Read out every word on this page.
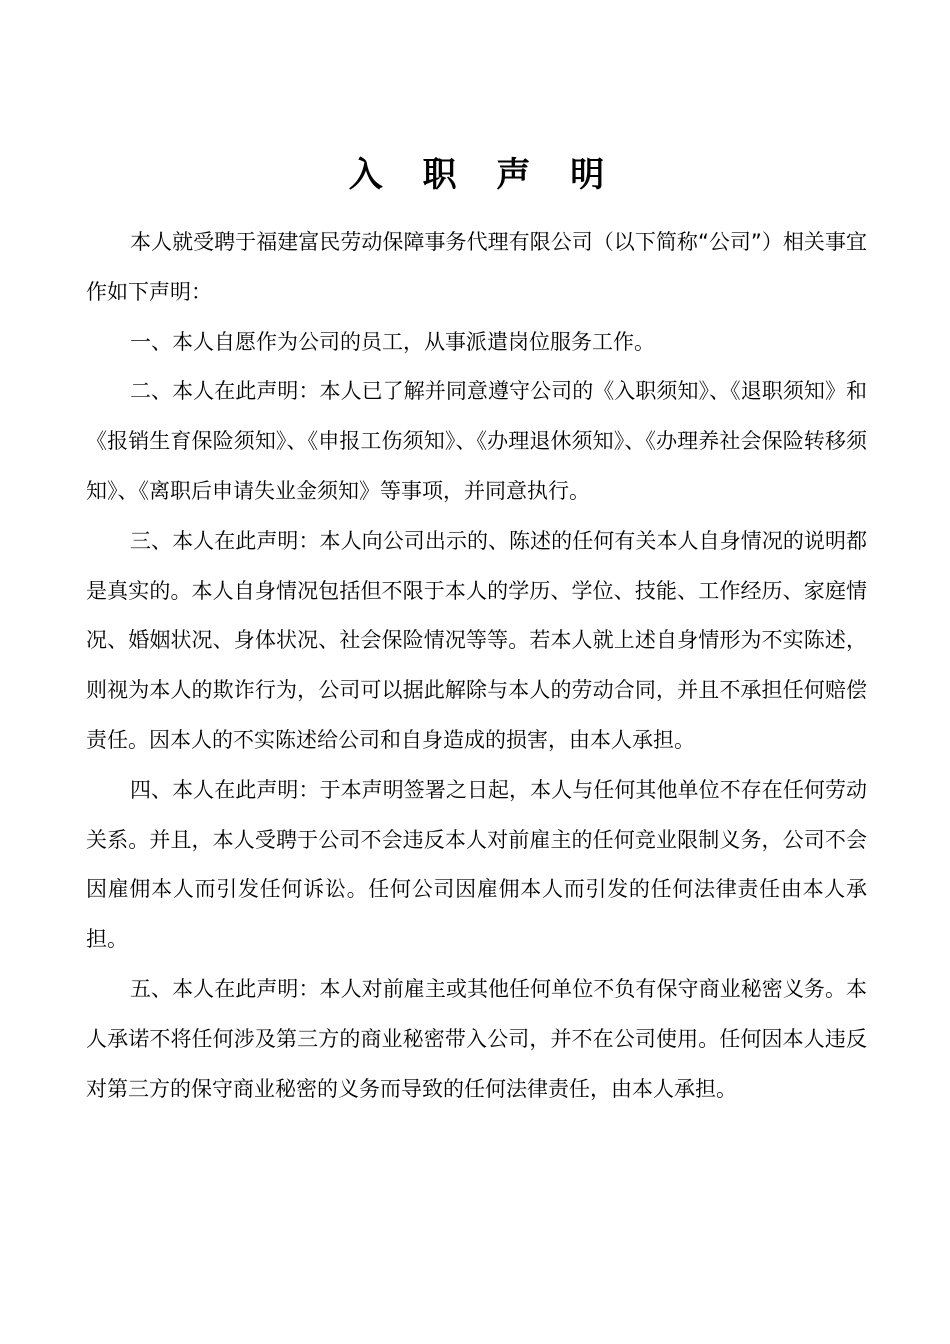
入 职 声 明

本人就受聘于福建富民劳动保障事务代理有限公司（以下简称“公司”）相关事宜作如下声明：

一、本人自愿作为公司的员工，从事派遣岗位服务工作。

二、本人在此声明：本人已了解并同意遵守公司的《入职须知》、《退职须知》和《报销生育保险须知》、《申报工伤须知》、《办理退休须知》、《办理养社会保险转移须知》、《离职后申请失业金须知》等事项，并同意执行。

三、本人在此声明：本人向公司出示的、陈述的任何有关本人自身情况的说明都是真实的。本人自身情况包括但不限于本人的学历、学位、技能、工作经历、家庭情况、婚姻状况、身体状况、社会保险情况等等。若本人就上述自身情形为不实陈述，则视为本人的欺诈行为，公司可以据此解除与本人的劳动合同，并且不承担任何赔偿责任。因本人的不实陈述给公司和自身造成的损害，由本人承担。

四、本人在此声明：于本声明签署之日起，本人与任何其他单位不存在任何劳动关系。并且，本人受聘于公司不会违反本人对前雇主的任何竞业限制义务，公司不会因雇佣本人而引发任何诉讼。任何公司因雇佣本人而引发的任何法律责任由本人承担。

五、本人在此声明：本人对前雇主或其他任何单位不负有保守商业秘密义务。本人承诺不将任何涉及第三方的商业秘密带入公司，并不在公司使用。任何因本人违反对第三方的保守商业秘密的义务而导致的任何法律责任，由本人承担。
